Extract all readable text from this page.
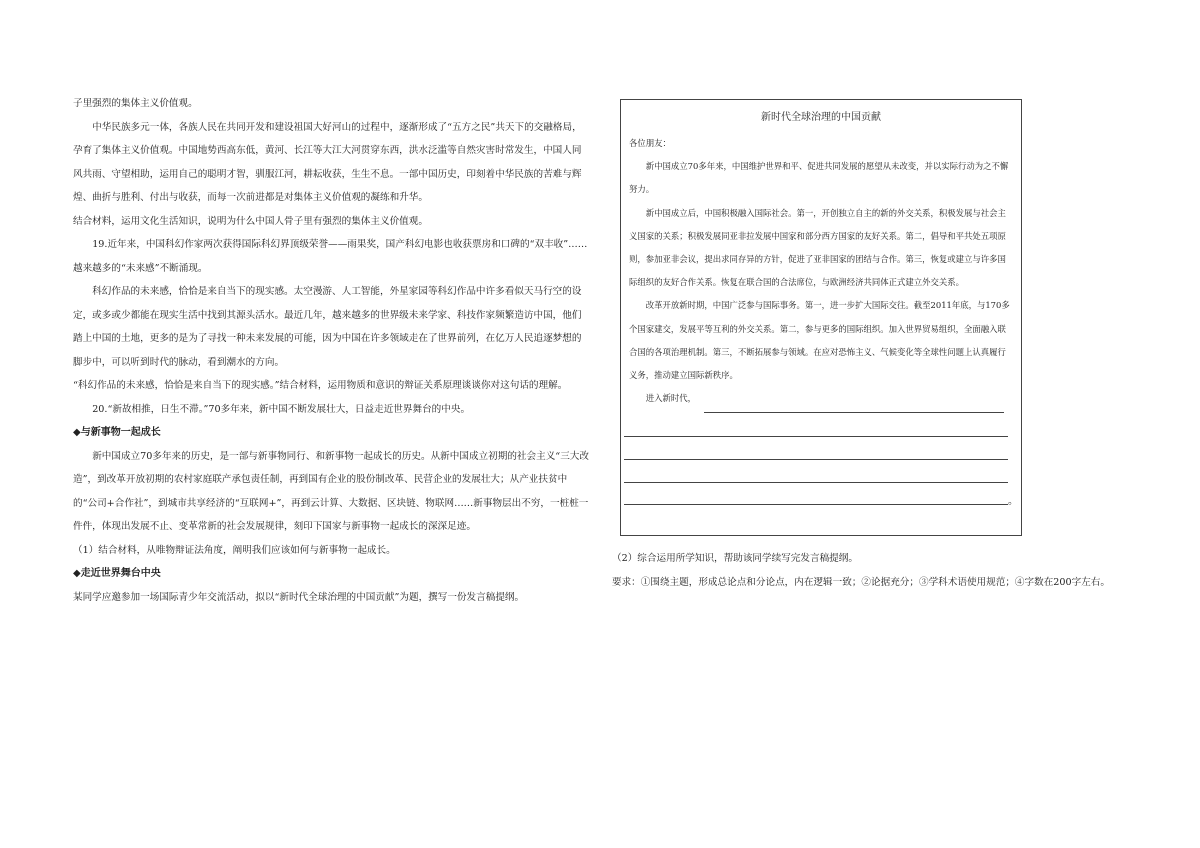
子里强烈的集体主义价值观。

中华民族多元一体，各族人民在共同开发和建设祖国大好河山的过程中，逐渐形成了“五方之民”共天下的交融格局，孕育了集体主义价值观。中国地势西高东低，黄河、长江等大江大河贯穿东西，洪水泛滥等自然灾害时常发生，中国人同风共雨、守望相助，运用自己的聪明才智，驯服江河，耕耘收获，生生不息。一部中国历史，印刻着中华民族的苦难与辉煌、曲折与胜利、付出与收获，而每一次前进都是对集体主义价值观的凝练和升华。

结合材料，运用文化生活知识，说明为什么中国人骨子里有强烈的集体主义价值观。

19.近年来，中国科幻作家两次获得国际科幻界顶级荣誉——雨果奖，国产科幻电影也收获票房和口碑的“双丰收”……越来越多的“未来感”不断涌现。

科幻作品的未来感，恰恰是来自当下的现实感。太空漫游、人工智能，外星家园等科幻作品中许多看似天马行空的设定，或多或少都能在现实生活中找到其源头活水。最近几年，越来越多的世界级未来学家、科技作家频繁造访中国，他们踏上中国的土地，更多的是为了寻找一种未来发展的可能，因为中国在许多领域走在了世界前列，在亿万人民追逐梦想的脚步中，可以听到时代的脉动，看到潮水的方向。

“科幻作品的未来感，恰恰是来自当下的现实感。”结合材料，运用物质和意识的辩证关系原理谈谈你对这句话的理解。

20.“新故相推，日生不滞。”70多年来，新中国不断发展壮大，日益走近世界舞台的中央。

◆与新事物一起成长

新中国成立70多年来的历史，是一部与新事物同行、和新事物一起成长的历史。从新中国成立初期的社会主义“三大改造”，到改革开放初期的农村家庭联产承包责任制，再到国有企业的股份制改革、民营企业的发展壮大；从产业扶贫中的“公司+合作社”，到城市共享经济的“互联网+”，再到云计算、大数据、区块链、物联网……新事物层出不穷，一桩桩一件件，体现出发展不止、变革常新的社会发展规律，刻印下国家与新事物一起成长的深深足迹。

（1）结合材料，从唯物辩证法角度，阐明我们应该如何与新事物一起成长。

◆走近世界舞台中央

某同学应邀参加一场国际青少年交流活动，拟以“新时代全球治理的中国贡献”为题，撰写一份发言稿提纲。

新时代全球治理的中国贡献

各位朋友：

新中国成立70多年来，中国维护世界和平、促进共同发展的愿望从未改变，并以实际行动为之不懈努力。

新中国成立后，中国积极融入国际社会。第一，开创独立自主的新的外交关系，积极发展与社会主义国家的关系；积极发展同亚非拉发展中国家和部分西方国家的友好关系。第二，倡导和平共处五项原则，参加亚非会议，提出求同存异的方针，促进了亚非国家的团结与合作。第三，恢复或建立与许多国际组织的友好合作关系。恢复在联合国的合法席位，与欧洲经济共同体正式建立外交关系。

改革开放新时期，中国广泛参与国际事务。第一，进一步扩大国际交往。截至2011年底，与170多个国家建交，发展平等互利的外交关系。第二，参与更多的国际组织。加入世界贸易组织，全面融入联合国的各项治理机制。第三，不断拓展参与领域。在应对恐怖主义、气候变化等全球性问题上认真履行义务，推动建立国际新秩序。

进入新时代，

。

（2）综合运用所学知识，帮助该同学续写完发言稿提纲。

要求：①围绕主题，形成总论点和分论点，内在逻辑一致；②论据充分；③学科术语使用规范；④字数在200字左右。
